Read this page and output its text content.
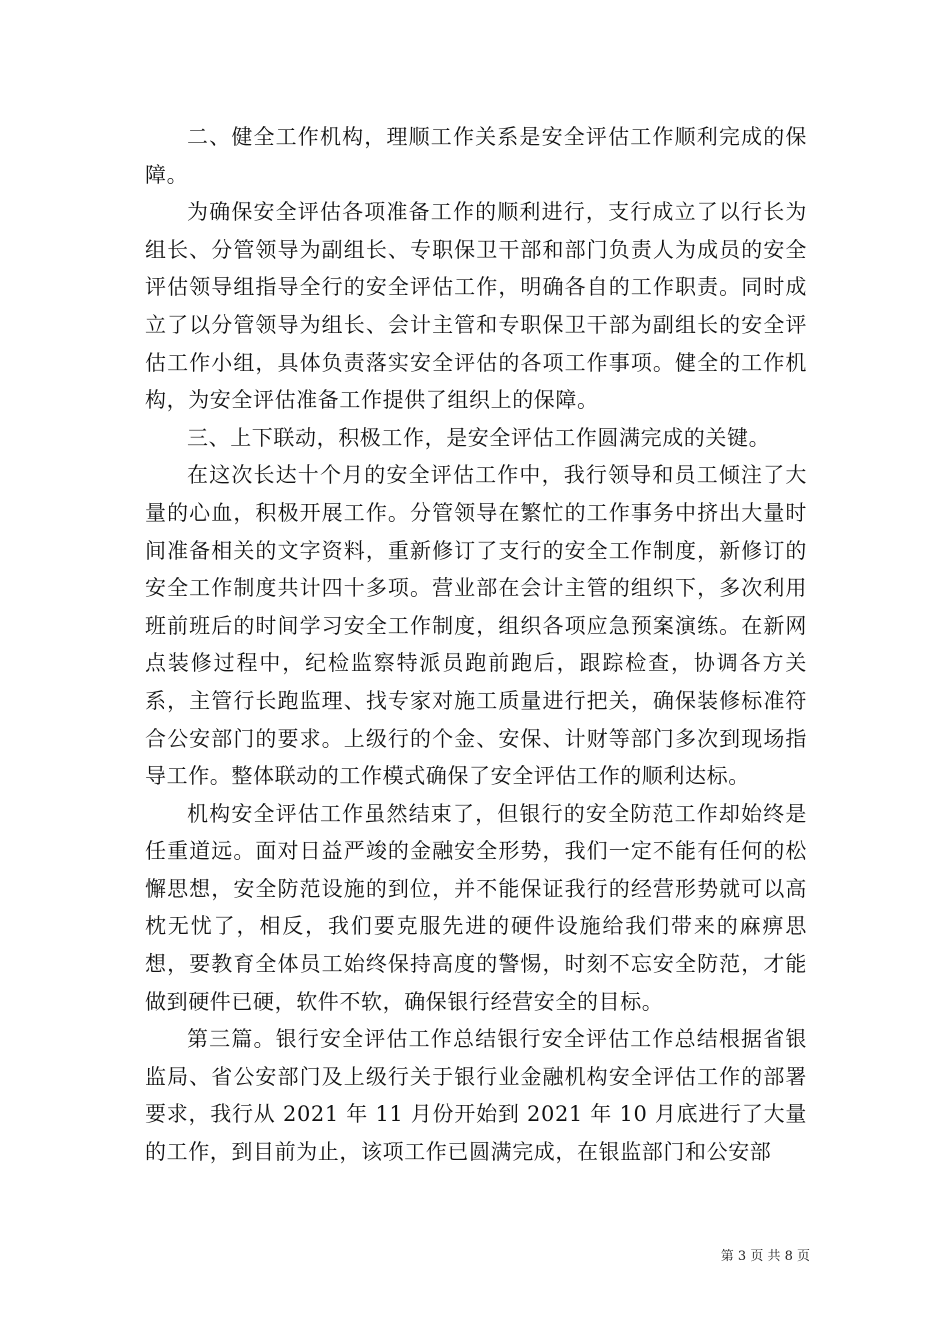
二、健全工作机构，理顺工作关系是安全评估工作顺利完成的保障。

为确保安全评估各项准备工作的顺利进行，支行成立了以行长为组长、分管领导为副组长、专职保卫干部和部门负责人为成员的安全评估领导组指导全行的安全评估工作，明确各自的工作职责。同时成立了以分管领导为组长、会计主管和专职保卫干部为副组长的安全评估工作小组，具体负责落实安全评估的各项工作事项。健全的工作机构，为安全评估准备工作提供了组织上的保障。

三、上下联动，积极工作，是安全评估工作圆满完成的关键。

在这次长达十个月的安全评估工作中，我行领导和员工倾注了大量的心血，积极开展工作。分管领导在繁忙的工作事务中挤出大量时间准备相关的文字资料，重新修订了支行的安全工作制度，新修订的安全工作制度共计四十多项。营业部在会计主管的组织下，多次利用班前班后的时间学习安全工作制度，组织各项应急预案演练。在新网点装修过程中，纪检监察特派员跑前跑后，跟踪检查，协调各方关系，主管行长跑监理、找专家对施工质量进行把关，确保装修标准符合公安部门的要求。上级行的个金、安保、计财等部门多次到现场指导工作。整体联动的工作模式确保了安全评估工作的顺利达标。

机构安全评估工作虽然结束了，但银行的安全防范工作却始终是任重道远。面对日益严竣的金融安全形势，我们一定不能有任何的松懈思想，安全防范设施的到位，并不能保证我行的经营形势就可以高枕无忧了，相反，我们要克服先进的硬件设施给我们带来的麻痹思想，要教育全体员工始终保持高度的警惕，时刻不忘安全防范，才能做到硬件已硬，软件不软，确保银行经营安全的目标。

第三篇。银行安全评估工作总结银行安全评估工作总结根据省银监局、省公安部门及上级行关于银行业金融机构安全评估工作的部署要求，我行从 2021 年 11 月份开始到 2021 年 10 月底进行了大量的工作，到目前为止，该项工作已圆满完成，在银监部门和公安部

第 3 页 共 8 页
